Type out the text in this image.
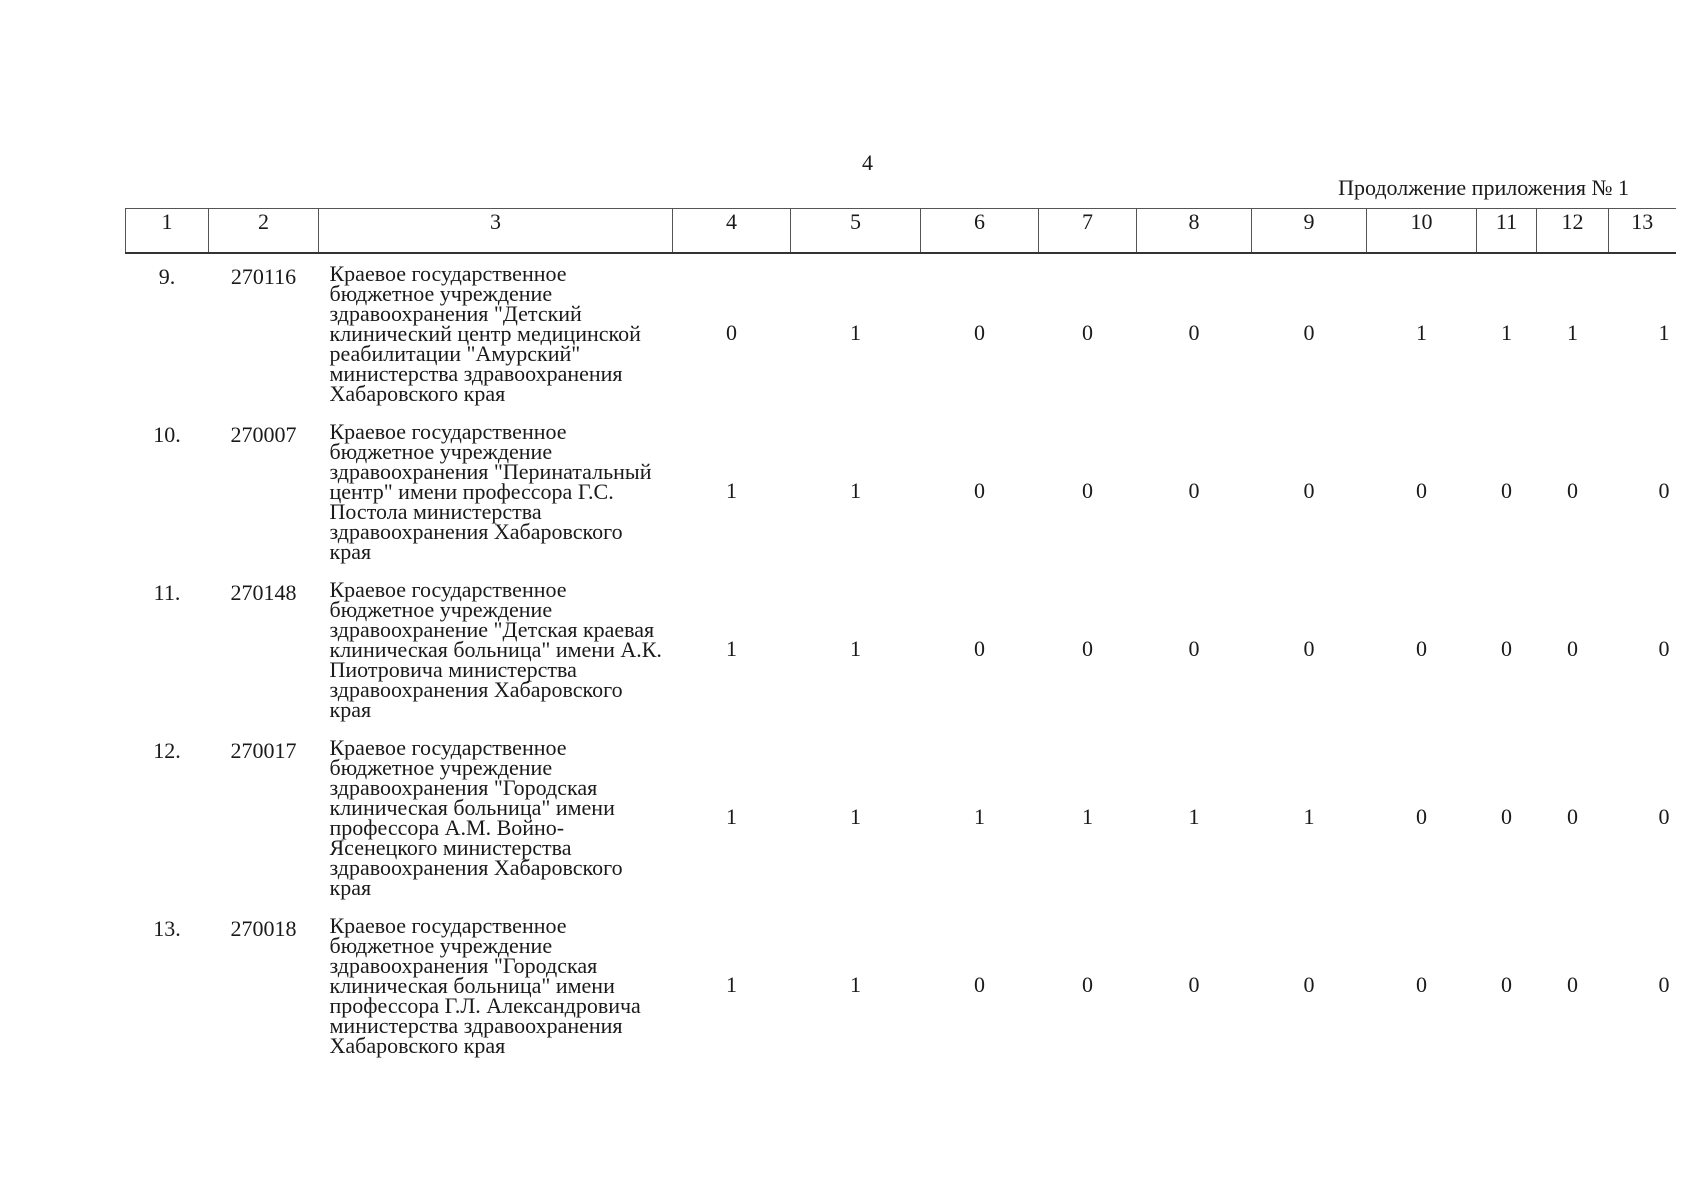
4
Продолжение приложения № 1
1	2	3	4	5	6	7	8	9	10	11	12	13
9.	270116	Краевое государственное бюджетное учреждение здравоохранения "Детский клинический центр медицинской реабилитации "Амурский" министерства здравоохранения Хабаровского края	0	1	0	0	0	0	1	1	1	1
10.	270007	Краевое государственное бюджетное учреждение здравоохранения "Перинатальный центр" имени профессора Г.С. Постола министерства здравоохранения Хабаровского края	1	1	0	0	0	0	0	0	0	0
11.	270148	Краевое государственное бюджетное учреждение здравоохранение "Детская краевая клиническая больница" имени А.К. Пиотровича министерства здравоохранения Хабаровского края	1	1	0	0	0	0	0	0	0	0
12.	270017	Краевое государственное бюджетное учреждение здравоохранения "Городская клиническая больница" имени профессора А.М. Войно-Ясенецкого министерства здравоохранения Хабаровского края	1	1	1	1	1	1	0	0	0	0
13.	270018	Краевое государственное бюджетное учреждение здравоохранения "Городская клиническая больница" имени профессора Г.Л. Александровича министерства здравоохранения Хабаровского края	1	1	0	0	0	0	0	0	0	0
